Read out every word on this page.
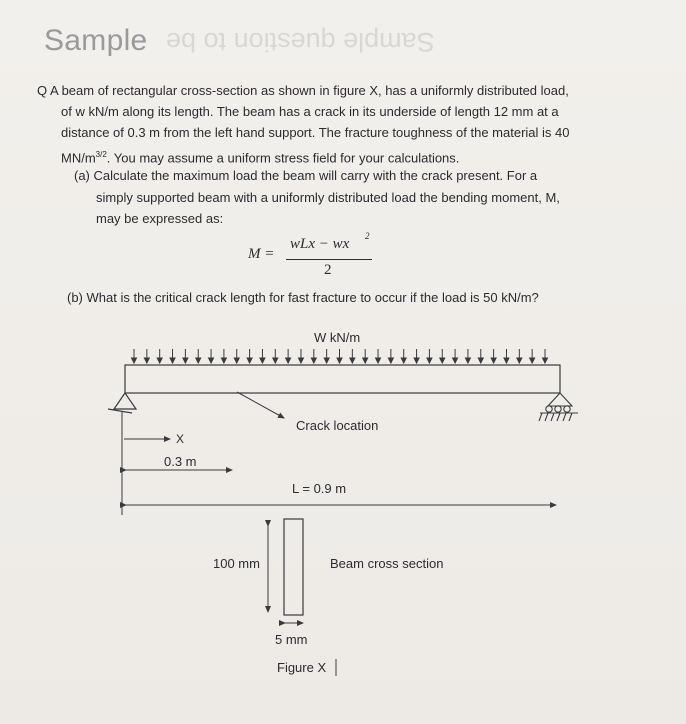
Sample Sample question to be
Q A beam of rectangular cross-section as shown in figure X, has a uniformly distributed load,
of w kN/m along its length. The beam has a crack in its underside of length 12 mm at a
distance of 0.3 m from the left hand support. The fracture toughness of the material is 40
$MN/m^{3/2}$. You may assume a uniform stress field for your calculations.
(a) Calculate the maximum load the beam will carry with the crack present. For a
simply supported beam with a uniformly distributed load the bending moment, M,
may be expressed as:
M =
wLx − wx 2
2
(b) What is the critical crack length for fast fracture to occur if the load is 50 kN/m?
W kN/m
Crack location
X
0.3 m
L = 0.9 m
100 mm	Beam cross section
5 mm
Figure X
